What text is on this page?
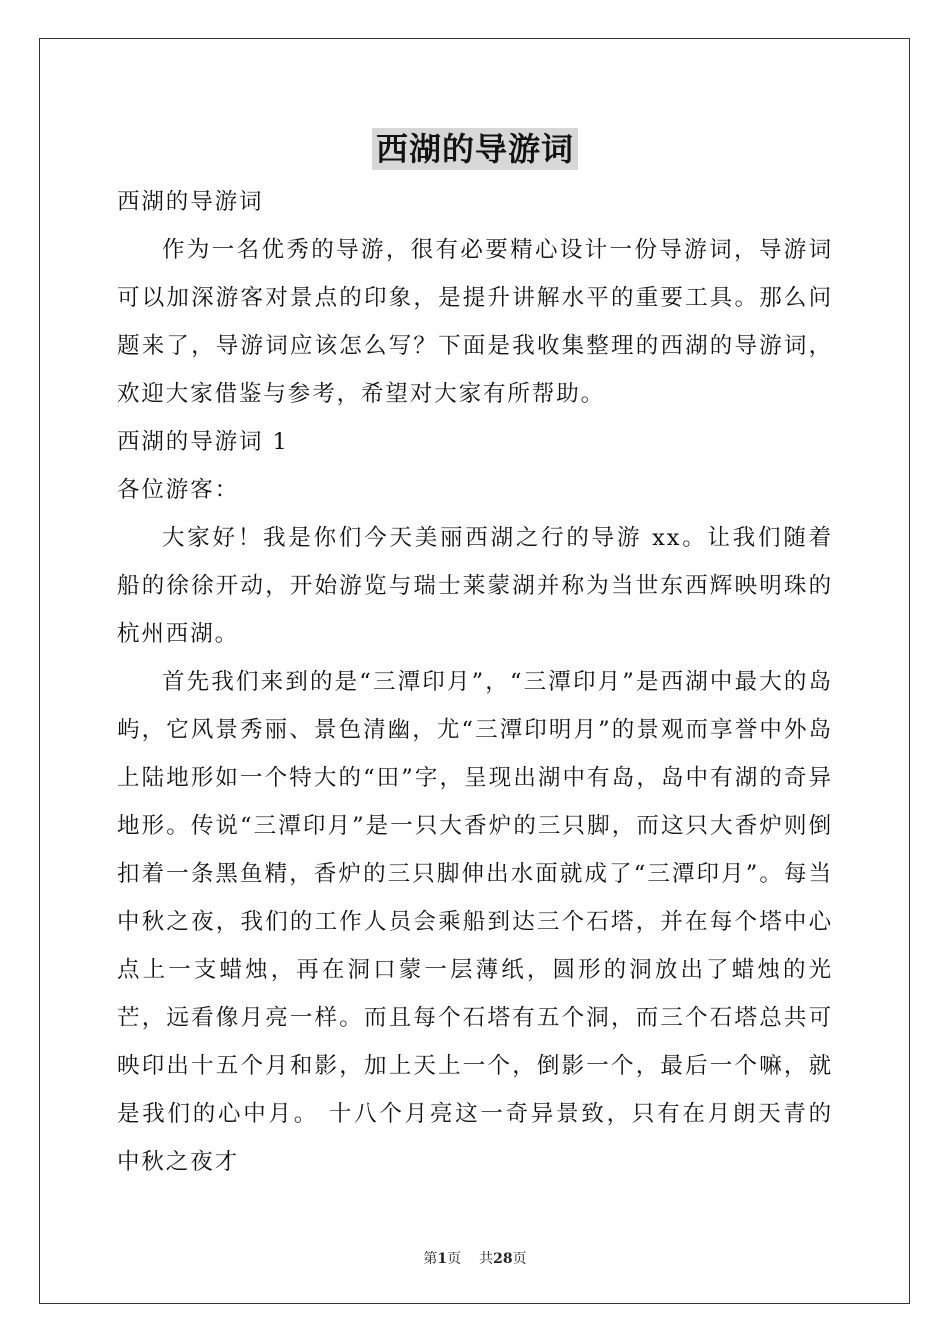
西湖的导游词

西湖的导游词

作为一名优秀的导游，很有必要精心设计一份导游词，导游词可以加深游客对景点的印象，是提升讲解水平的重要工具。那么问题来了，导游词应该怎么写？下面是我收集整理的西湖的导游词，欢迎大家借鉴与参考，希望对大家有所帮助。

西湖的导游词 1

各位游客：

大家好！我是你们今天美丽西湖之行的导游 xx。让我们随着船的徐徐开动，开始游览与瑞士莱蒙湖并称为当世东西辉映明珠的杭州西湖。

首先我们来到的是“三潭印月”，“三潭印月”是西湖中最大的岛屿，它风景秀丽、景色清幽，尤“三潭印明月”的景观而享誉中外岛上陆地形如一个特大的“田”字，呈现出湖中有岛，岛中有湖的奇异地形。传说“三潭印月”是一只大香炉的三只脚，而这只大香炉则倒扣着一条黑鱼精，香炉的三只脚伸出水面就成了“三潭印月”。每当中秋之夜，我们的工作人员会乘船到达三个石塔，并在每个塔中心点上一支蜡烛，再在洞口蒙一层薄纸，圆形的洞放出了蜡烛的光芒，远看像月亮一样。而且每个石塔有五个洞，而三个石塔总共可映印出十五个月和影，加上天上一个，倒影一个，最后一个嘛，就是我们的心中月。 十八个月亮这一奇异景致，只有在月朗天青的中秋之夜才

第1页 共28页
